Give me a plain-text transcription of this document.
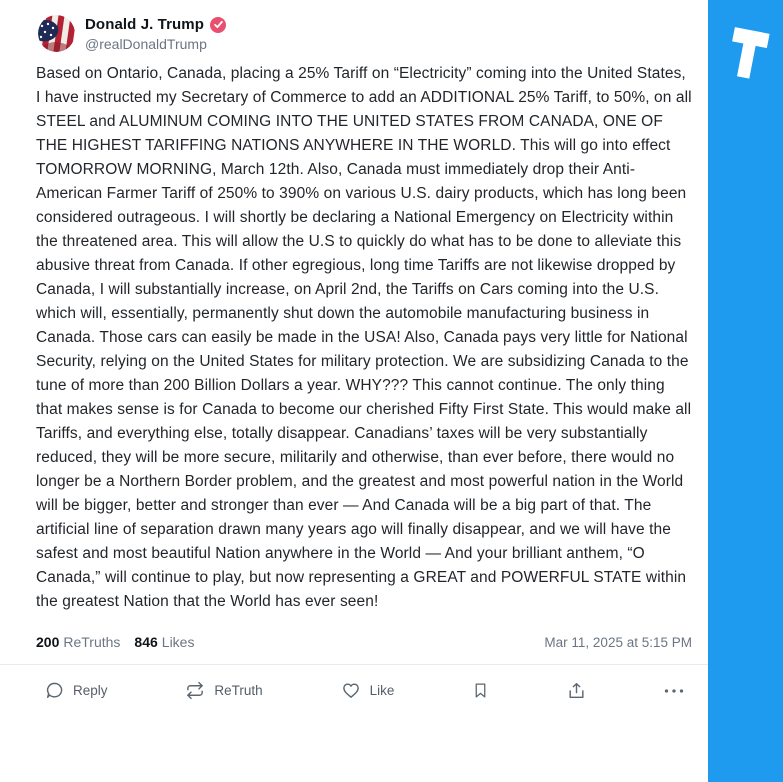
Donald J. Trump
@realDonaldTrump
Based on Ontario, Canada, placing a 25% Tariff on “Electricity” coming into the United States, I have instructed my Secretary of Commerce to add an ADDITIONAL 25% Tariff, to 50%, on all STEEL and ALUMINUM COMING INTO THE UNITED STATES FROM CANADA, ONE OF THE HIGHEST TARIFFING NATIONS ANYWHERE IN THE WORLD. This will go into effect TOMORROW MORNING, March 12th. Also, Canada must immediately drop their Anti-American Farmer Tariff of 250% to 390% on various U.S. dairy products, which has long been considered outrageous. I will shortly be declaring a National Emergency on Electricity within the threatened area. This will allow the U.S to quickly do what has to be done to alleviate this abusive threat from Canada. If other egregious, long time Tariffs are not likewise dropped by Canada, I will substantially increase, on April 2nd, the Tariffs on Cars coming into the U.S. which will, essentially, permanently shut down the automobile manufacturing business in Canada. Those cars can easily be made in the USA! Also, Canada pays very little for National Security, relying on the United States for military protection. We are subsidizing Canada to the tune of more than 200 Billion Dollars a year. WHY??? This cannot continue. The only thing that makes sense is for Canada to become our cherished Fifty First State. This would make all Tariffs, and everything else, totally disappear. Canadians’ taxes will be very substantially reduced, they will be more secure, militarily and otherwise, than ever before, there would no longer be a Northern Border problem, and the greatest and most powerful nation in the World will be bigger, better and stronger than ever — And Canada will be a big part of that. The artificial line of separation drawn many years ago will finally disappear, and we will have the safest and most beautiful Nation anywhere in the World — And your brilliant anthem, “O Canada,” will continue to play, but now representing a GREAT and POWERFUL STATE within the greatest Nation that the World has ever seen!
200 ReTruths 846 Likes	Mar 11, 2025 at 5:15 PM
Reply	ReTruth	Like
